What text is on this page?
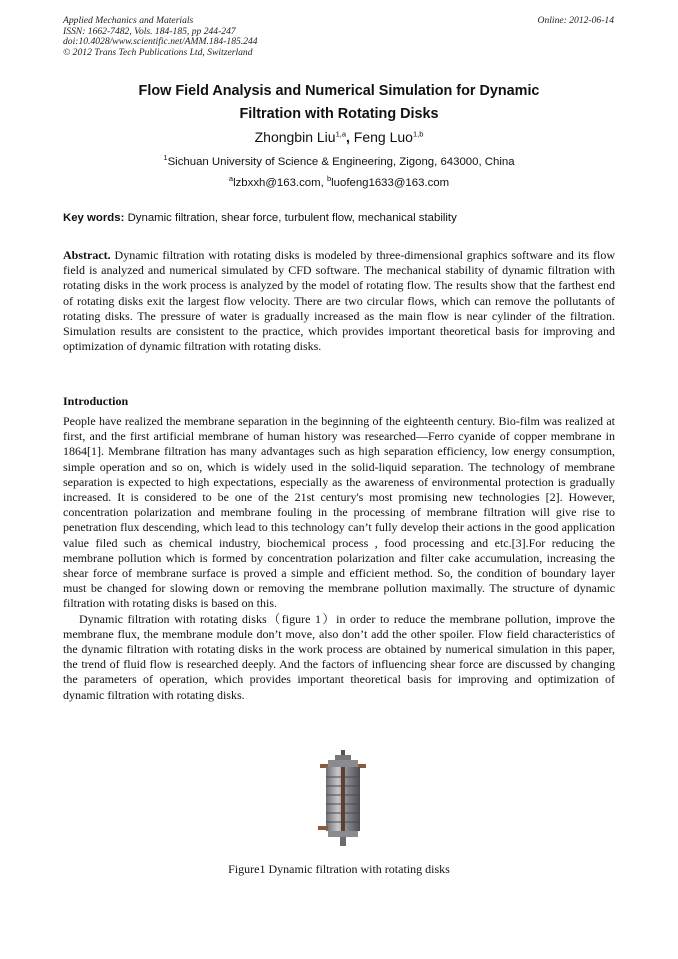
Applied Mechanics and Materials
ISSN: 1662-7482, Vols. 184-185, pp 244-247
doi:10.4028/www.scientific.net/AMM.184-185.244
© 2012 Trans Tech Publications Ltd, Switzerland
Online: 2012-06-14
Flow Field Analysis and Numerical Simulation for Dynamic
Filtration with Rotating Disks
Zhongbin Liu$^{1,a}$, Feng Luo$^{1,b}$
$^1$Sichuan University of Science & Engineering, Zigong, 643000, China
$^a$lzbxxh@163.com, $^b$luofeng1633@163.com
Key words: Dynamic filtration, shear force, turbulent flow, mechanical stability
Abstract. Dynamic filtration with rotating disks is modeled by three-dimensional graphics software and its flow field is analyzed and numerical simulated by CFD software. The mechanical stability of dynamic filtration with rotating disks in the work process is analyzed by the model of rotating flow. The results show that the farthest end of rotating disks exit the largest flow velocity. There are two circular flows, which can remove the pollutants of rotating disks. The pressure of water is gradually increased as the main flow is near cylinder of the filtration. Simulation results are consistent to the practice, which provides important theoretical basis for improving and optimization of dynamic filtration with rotating disks.
Introduction

People have realized the membrane separation in the beginning of the eighteenth century. Bio-film was realized at first, and the first artificial membrane of human history was researched—Ferro cyanide of copper membrane in 1864[1]. Membrane filtration has many advantages such as high separation efficiency, low energy consumption, simple operation and so on, which is widely used in the solid-liquid separation. The technology of membrane separation is expected to high expectations, especially as the awareness of environmental protection is gradually increased. It is considered to be one of the 21st century's most promising new technologies [2]. However, concentration polarization and membrane fouling in the processing of membrane filtration will give rise to penetration flux descending, which lead to this technology can’t fully develop their actions in the good application value filed such as chemical industry, biochemical process , food processing and etc.[3].For reducing the membrane pollution which is formed by concentration polarization and filter cake accumulation, increasing the shear force of membrane surface is proved a simple and efficient method. So, the condition of boundary layer must be changed for slowing down or removing the membrane pollution maximally. The structure of dynamic filtration with rotating disks is based on this.

Dynamic filtration with rotating disks（figure 1）in order to reduce the membrane pollution, improve the membrane flux, the membrane module don’t move, also don’t add the other spoiler. Flow field characteristics of the dynamic filtration with rotating disks in the work process are obtained by numerical simulation in this paper, the trend of fluid flow is researched deeply. And the factors of influencing shear force are discussed by changing the parameters of operation, which provides important theoretical basis for improving and optimization of dynamic filtration with rotating disks.

Figure1 Dynamic filtration with rotating disks
